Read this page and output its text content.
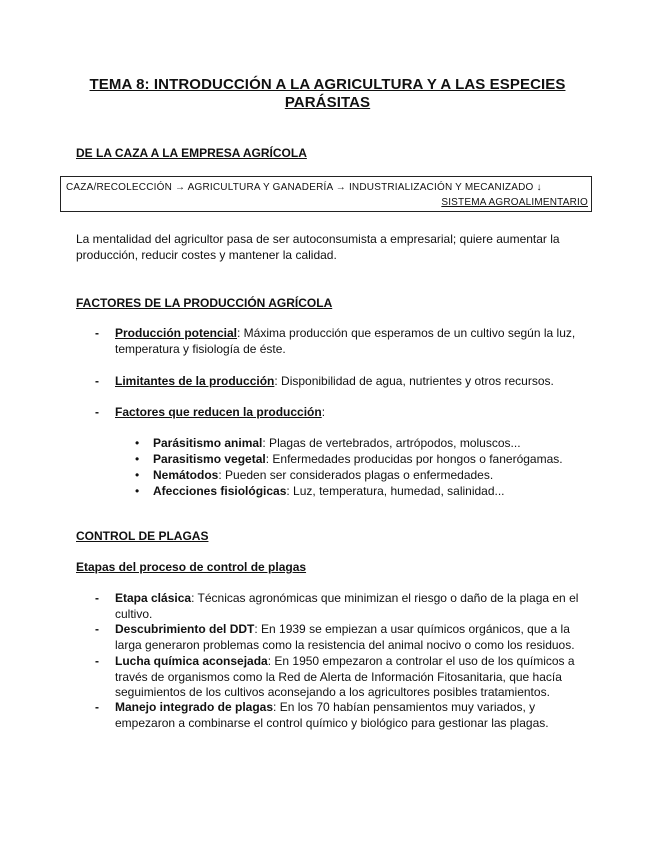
TEMA 8: INTRODUCCIÓN A LA AGRICULTURA Y A LAS ESPECIES PARÁSITAS
DE LA CAZA A LA EMPRESA AGRÍCOLA
CAZA/RECOLECCIÓN → AGRICULTURA Y GANADERÍA → INDUSTRIALIZACIÓN Y MECANIZADO ↓
SISTEMA AGROALIMENTARIO
La mentalidad del agricultor pasa de ser autoconsumista a empresarial; quiere aumentar la producción, reducir costes y mantener la calidad.
FACTORES DE LA PRODUCCIÓN AGRÍCOLA
- Producción potencial: Máxima producción que esperamos de un cultivo según la luz, temperatura y fisiología de éste.
- Limitantes de la producción: Disponibilidad de agua, nutrientes y otros recursos.
- Factores que reducen la producción:
• Parásitismo animal: Plagas de vertebrados, artrópodos, moluscos...
• Parasitismo vegetal: Enfermedades producidas por hongos o fanerógamas.
• Nemátodos: Pueden ser considerados plagas o enfermedades.
• Afecciones fisiológicas: Luz, temperatura, humedad, salinidad...
CONTROL DE PLAGAS
Etapas del proceso de control de plagas
- Etapa clásica: Técnicas agronómicas que minimizan el riesgo o daño de la plaga en el cultivo.
- Descubrimiento del DDT: En 1939 se empiezan a usar químicos orgánicos, que a la larga generaron problemas como la resistencia del animal nocivo o como los residuos.
- Lucha química aconsejada: En 1950 empezaron a controlar el uso de los químicos a través de organismos como la Red de Alerta de Información Fitosanitaria, que hacía seguimientos de los cultivos aconsejando a los agricultores posibles tratamientos.
- Manejo integrado de plagas: En los 70 habían pensamientos muy variados, y empezaron a combinarse el control químico y biológico para gestionar las plagas.
